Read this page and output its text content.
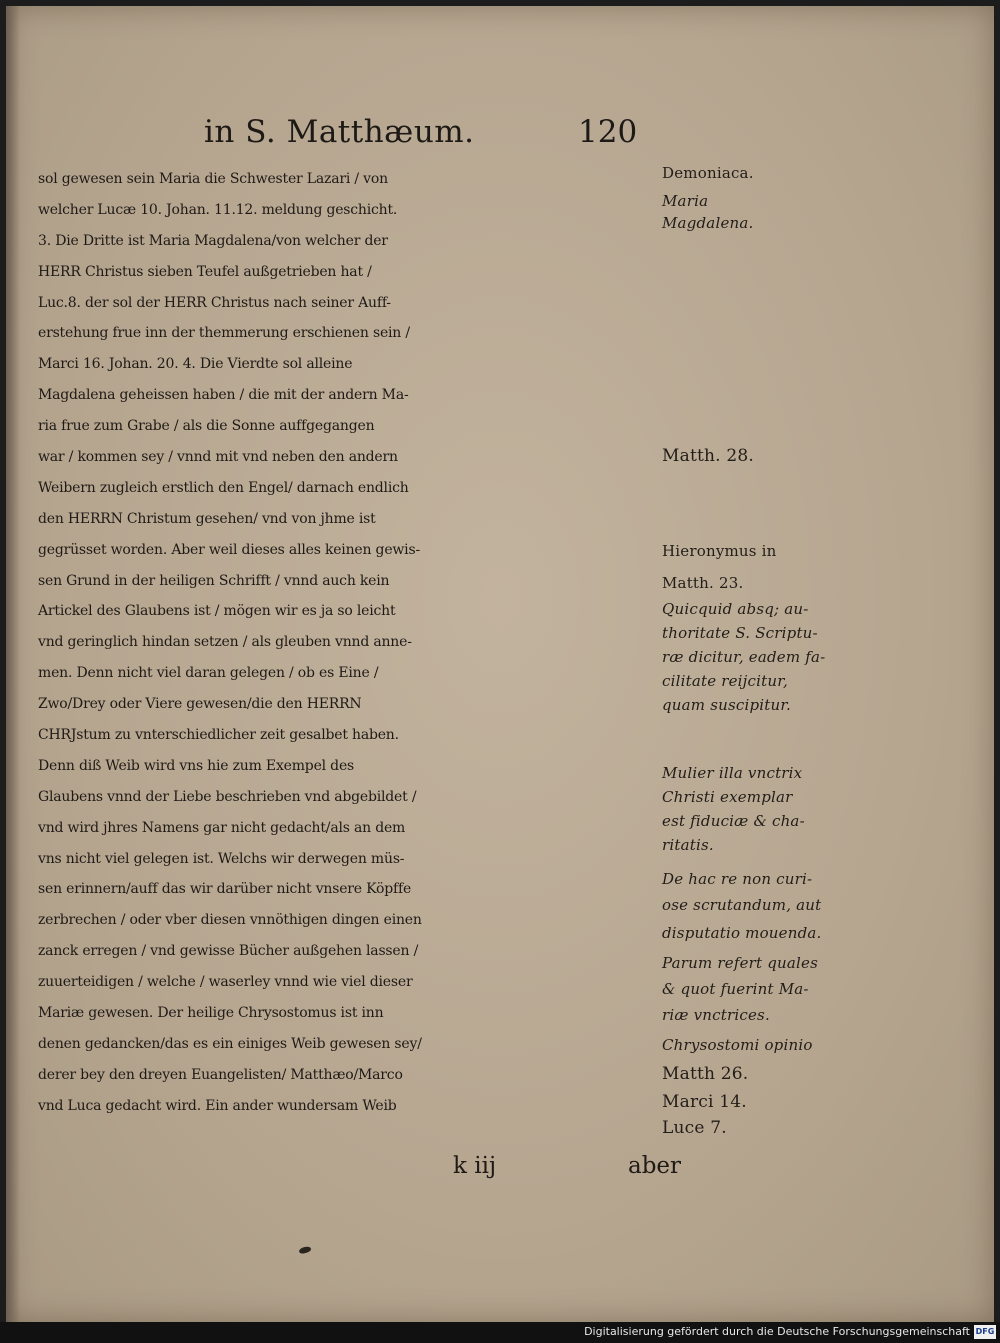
in S. Matthæum.	120
sol gewesen sein Maria die Schwester Lazari / von
welcher Lucæ 10. Johan. 11.12. meldung geschicht.
3. Die Dritte ist Maria Magdalena/von welcher der
HERR Christus sieben Teufel außgetrieben hat /
Luc.8. der sol der HERR Christus nach seiner Auff-
erstehung frue inn der themmerung erschienen sein /
Marci 16. Johan. 20. 4. Die Vierdte sol alleine
Magdalena geheissen haben / die mit der andern Ma-
ria frue zum Grabe / als die Sonne auffgegangen
war / kommen sey / vnnd mit vnd neben den andern
Weibern zugleich erstlich den Engel/ darnach endlich
den HERRN Christum gesehen/ vnd von jhme ist
gegrüsset worden. Aber weil dieses alles keinen gewis-
sen Grund in der heiligen Schrifft / vnnd auch kein
Artickel des Glaubens ist / mögen wir es ja so leicht
vnd geringlich hindan setzen / als gleuben vnnd anne-
men. Denn nicht viel daran gelegen / ob es Eine /
Zwo/Drey oder Viere gewesen/die den HERRN
CHRJstum zu vnterschiedlicher zeit gesalbet haben.
Denn diß Weib wird vns hie zum Exempel des
Glaubens vnnd der Liebe beschrieben vnd abgebildet /
vnd wird jhres Namens gar nicht gedacht/als an dem
vns nicht viel gelegen ist. Welchs wir derwegen müs-
sen erinnern/auff das wir darüber nicht vnsere Köpffe
zerbrechen / oder vber diesen vnnöthigen dingen einen
zanck erregen / vnd gewisse Bücher außgehen lassen /
zuuerteidigen / welche / waserley vnnd wie viel dieser
Mariæ gewesen. Der heilige Chrysostomus ist inn
denen gedancken/das es ein einiges Weib gewesen sey/
derer bey den dreyen Euangelisten/ Matthæo/Marco
vnd Luca gedacht wird. Ein ander wundersam Weib
Demoniaca.
Maria
Magdalena.
Matth. 28.
Hieronymus in
Matth. 23.
Quicquid absq; au-
thoritate S. Scriptu-
ræ dicitur, eadem fa-
cilitate reijcitur,
quam suscipitur.
Mulier illa vnctrix
Christi exemplar
est fiduciæ & cha-
ritatis.
De hac re non curi-
ose scrutandum, aut
disputatio mouenda.
Parum refert quales
& quot fuerint Ma-
riæ vnctrices.
Chrysostomi opinio
Matth 26.
Marci 14.
Luce 7.
k iij	aber
Digitalisierung gefördert durch die Deutsche Forschungsgemeinschaft DFG
